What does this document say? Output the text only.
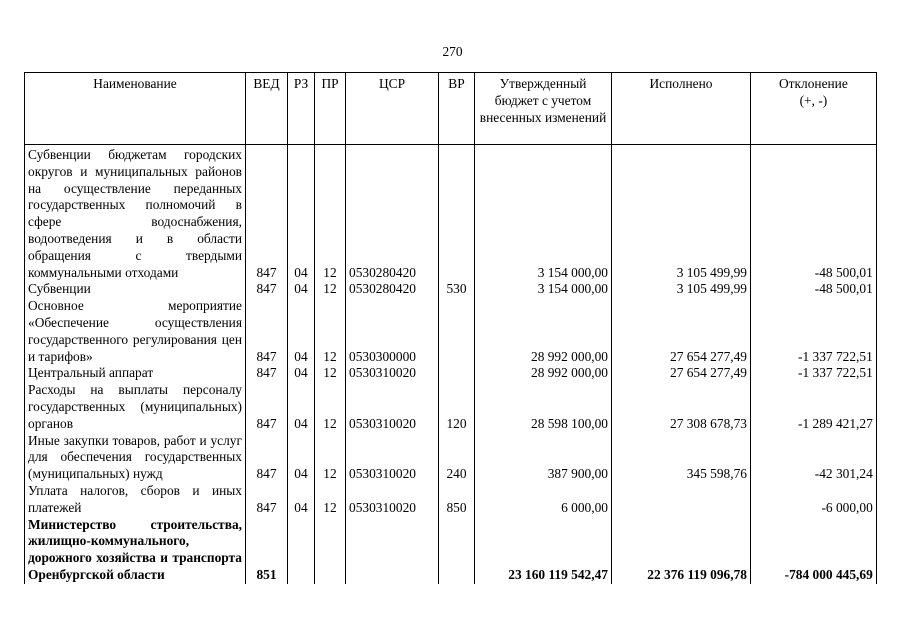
270
Наименование	ВЕД	РЗ	ПР	ЦСР	ВР	Утвержденный бюджет с учетом внесенных изменений	Исполнено	Отклонение (+, -)
Субвенции бюджетам городских округов и муниципальных районов на осуществление переданных государственных полномочий в сфере водоснабжения, водоотведения и в области обращения с твердыми коммунальными отходами	847	04	12	0530280420		3 154 000,00	3 105 499,99	-48 500,01
Субвенции	847	04	12	0530280420	530	3 154 000,00	3 105 499,99	-48 500,01
Основное мероприятие «Обеспечение осуществления государственного регулирования цен и тарифов»	847	04	12	0530300000		28 992 000,00	27 654 277,49	-1 337 722,51
Центральный аппарат	847	04	12	0530310020		28 992 000,00	27 654 277,49	-1 337 722,51
Расходы на выплаты персоналу государственных (муниципальных) органов	847	04	12	0530310020	120	28 598 100,00	27 308 678,73	-1 289 421,27
Иные закупки товаров, работ и услуг для обеспечения государственных (муниципальных) нужд	847	04	12	0530310020	240	387 900,00	345 598,76	-42 301,24
Уплата налогов, сборов и иных платежей	847	04	12	0530310020	850	6 000,00		-6 000,00
Министерство строительства, жилищно-коммунального, дорожного хозяйства и транспорта Оренбургской области	851					23 160 119 542,47	22 376 119 096,78	-784 000 445,69
